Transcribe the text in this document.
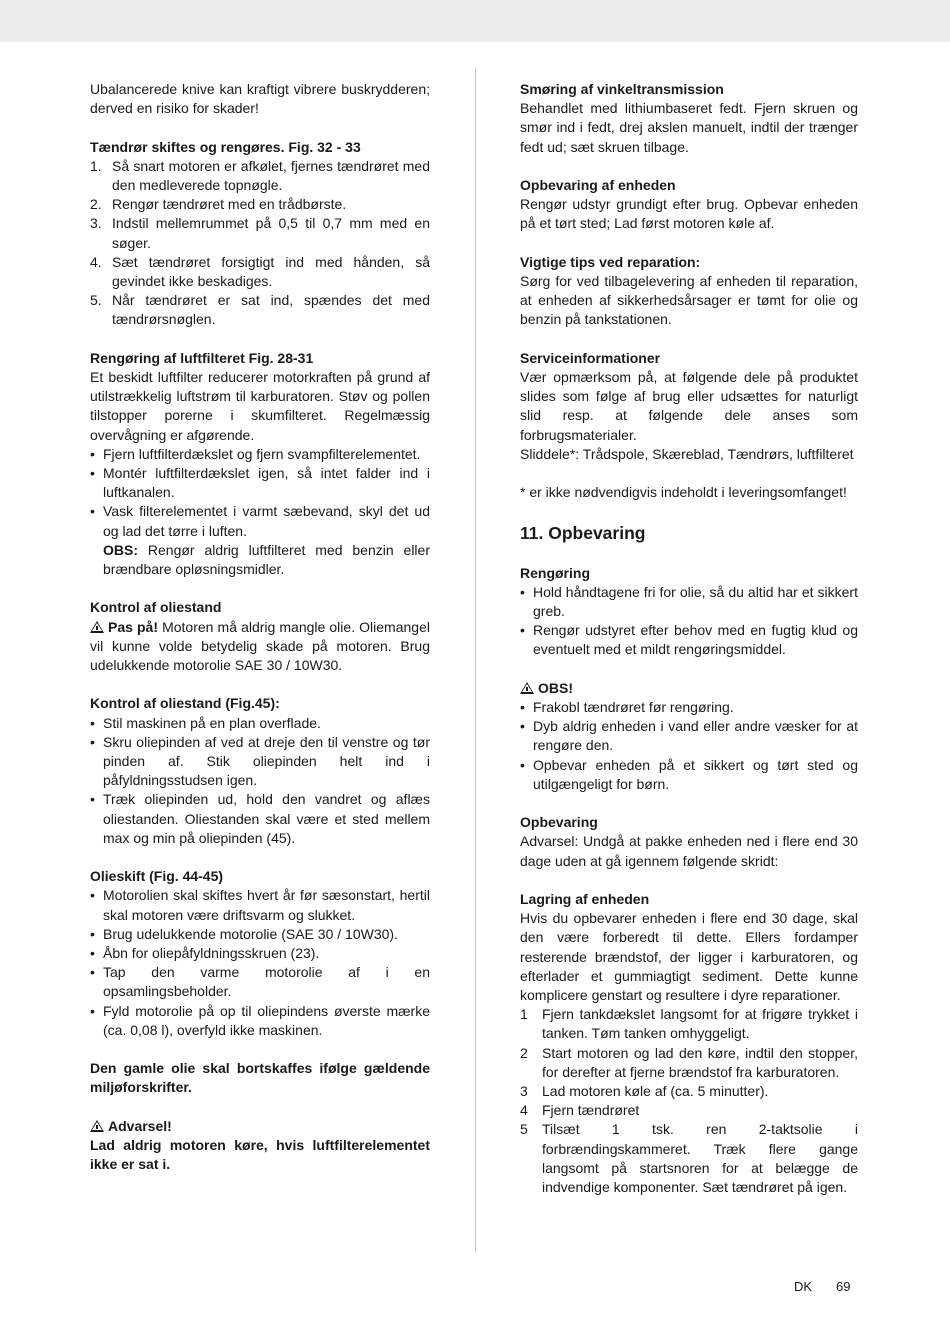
Ubalancerede knive kan kraftigt vibrere buskrydderen; derved en risiko for skader!
Tændrør skiftes og rengøres. Fig. 32 - 33
1. Så snart motoren er afkølet, fjernes tændrøret med den medleverede topnøgle.
2. Rengør tændrøret med en trådbørste.
3. Indstil mellemrummet på 0,5 til 0,7 mm med en søger.
4. Sæt tændrøret forsigtigt ind med hånden, så gevindet ikke beskadiges.
5. Når tændrøret er sat ind, spændes det med tændrørsnøglen.
Rengøring af luftfilteret Fig. 28-31
Et beskidt luftfilter reducerer motorkraften på grund af utilstrækkelig luftstrøm til karburatoren. Støv og pollen tilstopper porerne i skumfilteret. Regelmæssig overvågning er afgørende.
• Fjern luftfilterdækslet og fjern svampfilterelementet.
• Montér luftfilterdækslet igen, så intet falder ind i luftkanalen.
• Vask filterelementet i varmt sæbevand, skyl det ud og lad det tørre i luften.
OBS: Rengør aldrig luftfilteret med benzin eller brændbare opløsningsmidler.
Kontrol af oliestand
Pas på! Motoren må aldrig mangle olie. Oliemangel vil kunne volde betydelig skade på motoren. Brug udelukkende motorolie SAE 30 / 10W30.
Kontrol af oliestand (Fig.45):
• Stil maskinen på en plan overflade.
• Skru oliepinden af ved at dreje den til venstre og tør pinden af. Stik oliepinden helt ind i påfyldningsstudsen igen.
• Træk oliepinden ud, hold den vandret og aflæs oliestanden. Oliestanden skal være et sted mellem max og min på oliepinden (45).
Olieskift (Fig. 44-45)
• Motorolien skal skiftes hvert år før sæsonstart, hertil skal motoren være driftsvarm og slukket.
• Brug udelukkende motorolie (SAE 30 / 10W30).
• Åbn for oliepåfyldningsskruen (23).
• Tap den varme motorolie af i en opsamlingsbeholder.
• Fyld motorolie på op til oliepindens øverste mærke (ca. 0,08 l), overfyld ikke maskinen.
Den gamle olie skal bortskaffes ifølge gældende miljøforskrifter.
Advarsel!
Lad aldrig motoren køre, hvis luftfilterelementet ikke er sat i.
Smøring af vinkeltransmission
Behandlet med lithiumbaseret fedt. Fjern skruen og smør ind i fedt, drej akslen manuelt, indtil der trænger fedt ud; sæt skruen tilbage.
Opbevaring af enheden
Rengør udstyr grundigt efter brug. Opbevar enheden på et tørt sted; Lad først motoren køle af.
Vigtige tips ved reparation:
Sørg for ved tilbagelevering af enheden til reparation, at enheden af sikkerhedsårsager er tømt for olie og benzin på tankstationen.
Serviceinformationer
Vær opmærksom på, at følgende dele på produktet slides som følge af brug eller udsættes for naturligt slid resp. at følgende dele anses som forbrugsmaterialer.
Sliddele*: Trådspole, Skæreblad, Tændrørs, luftfilteret
* er ikke nødvendigvis indeholdt i leveringsomfanget!
11. Opbevaring
Rengøring
• Hold håndtagene fri for olie, så du altid har et sikkert greb.
• Rengør udstyret efter behov med en fugtig klud og eventuelt med et mildt rengøringsmiddel.
OBS!
• Frakobl tændrøret før rengøring.
• Dyb aldrig enheden i vand eller andre væsker for at rengøre den.
• Opbevar enheden på et sikkert og tørt sted og utilgængeligt for børn.
Opbevaring
Advarsel: Undgå at pakke enheden ned i flere end 30 dage uden at gå igennem følgende skridt:
Lagring af enheden
Hvis du opbevarer enheden i flere end 30 dage, skal den være forberedt til dette. Ellers fordamper resterende brændstof, der ligger i karburatoren, og efterlader et gummiagtigt sediment. Dette kunne komplicere genstart og resultere i dyre reparationer.
1 Fjern tankdækslet langsomt for at frigøre trykket i tanken. Tøm tanken omhyggeligt.
2 Start motoren og lad den køre, indtil den stopper, for derefter at fjerne brændstof fra karburatoren.
3 Lad motoren køle af (ca. 5 minutter).
4 Fjern tændrøret
5 Tilsæt 1 tsk. ren 2-taktsolie i forbrændingskammeret. Træk flere gange langsomt på startsnoren for at belægge de indvendige komponenter. Sæt tændrøret på igen.
DK 69
